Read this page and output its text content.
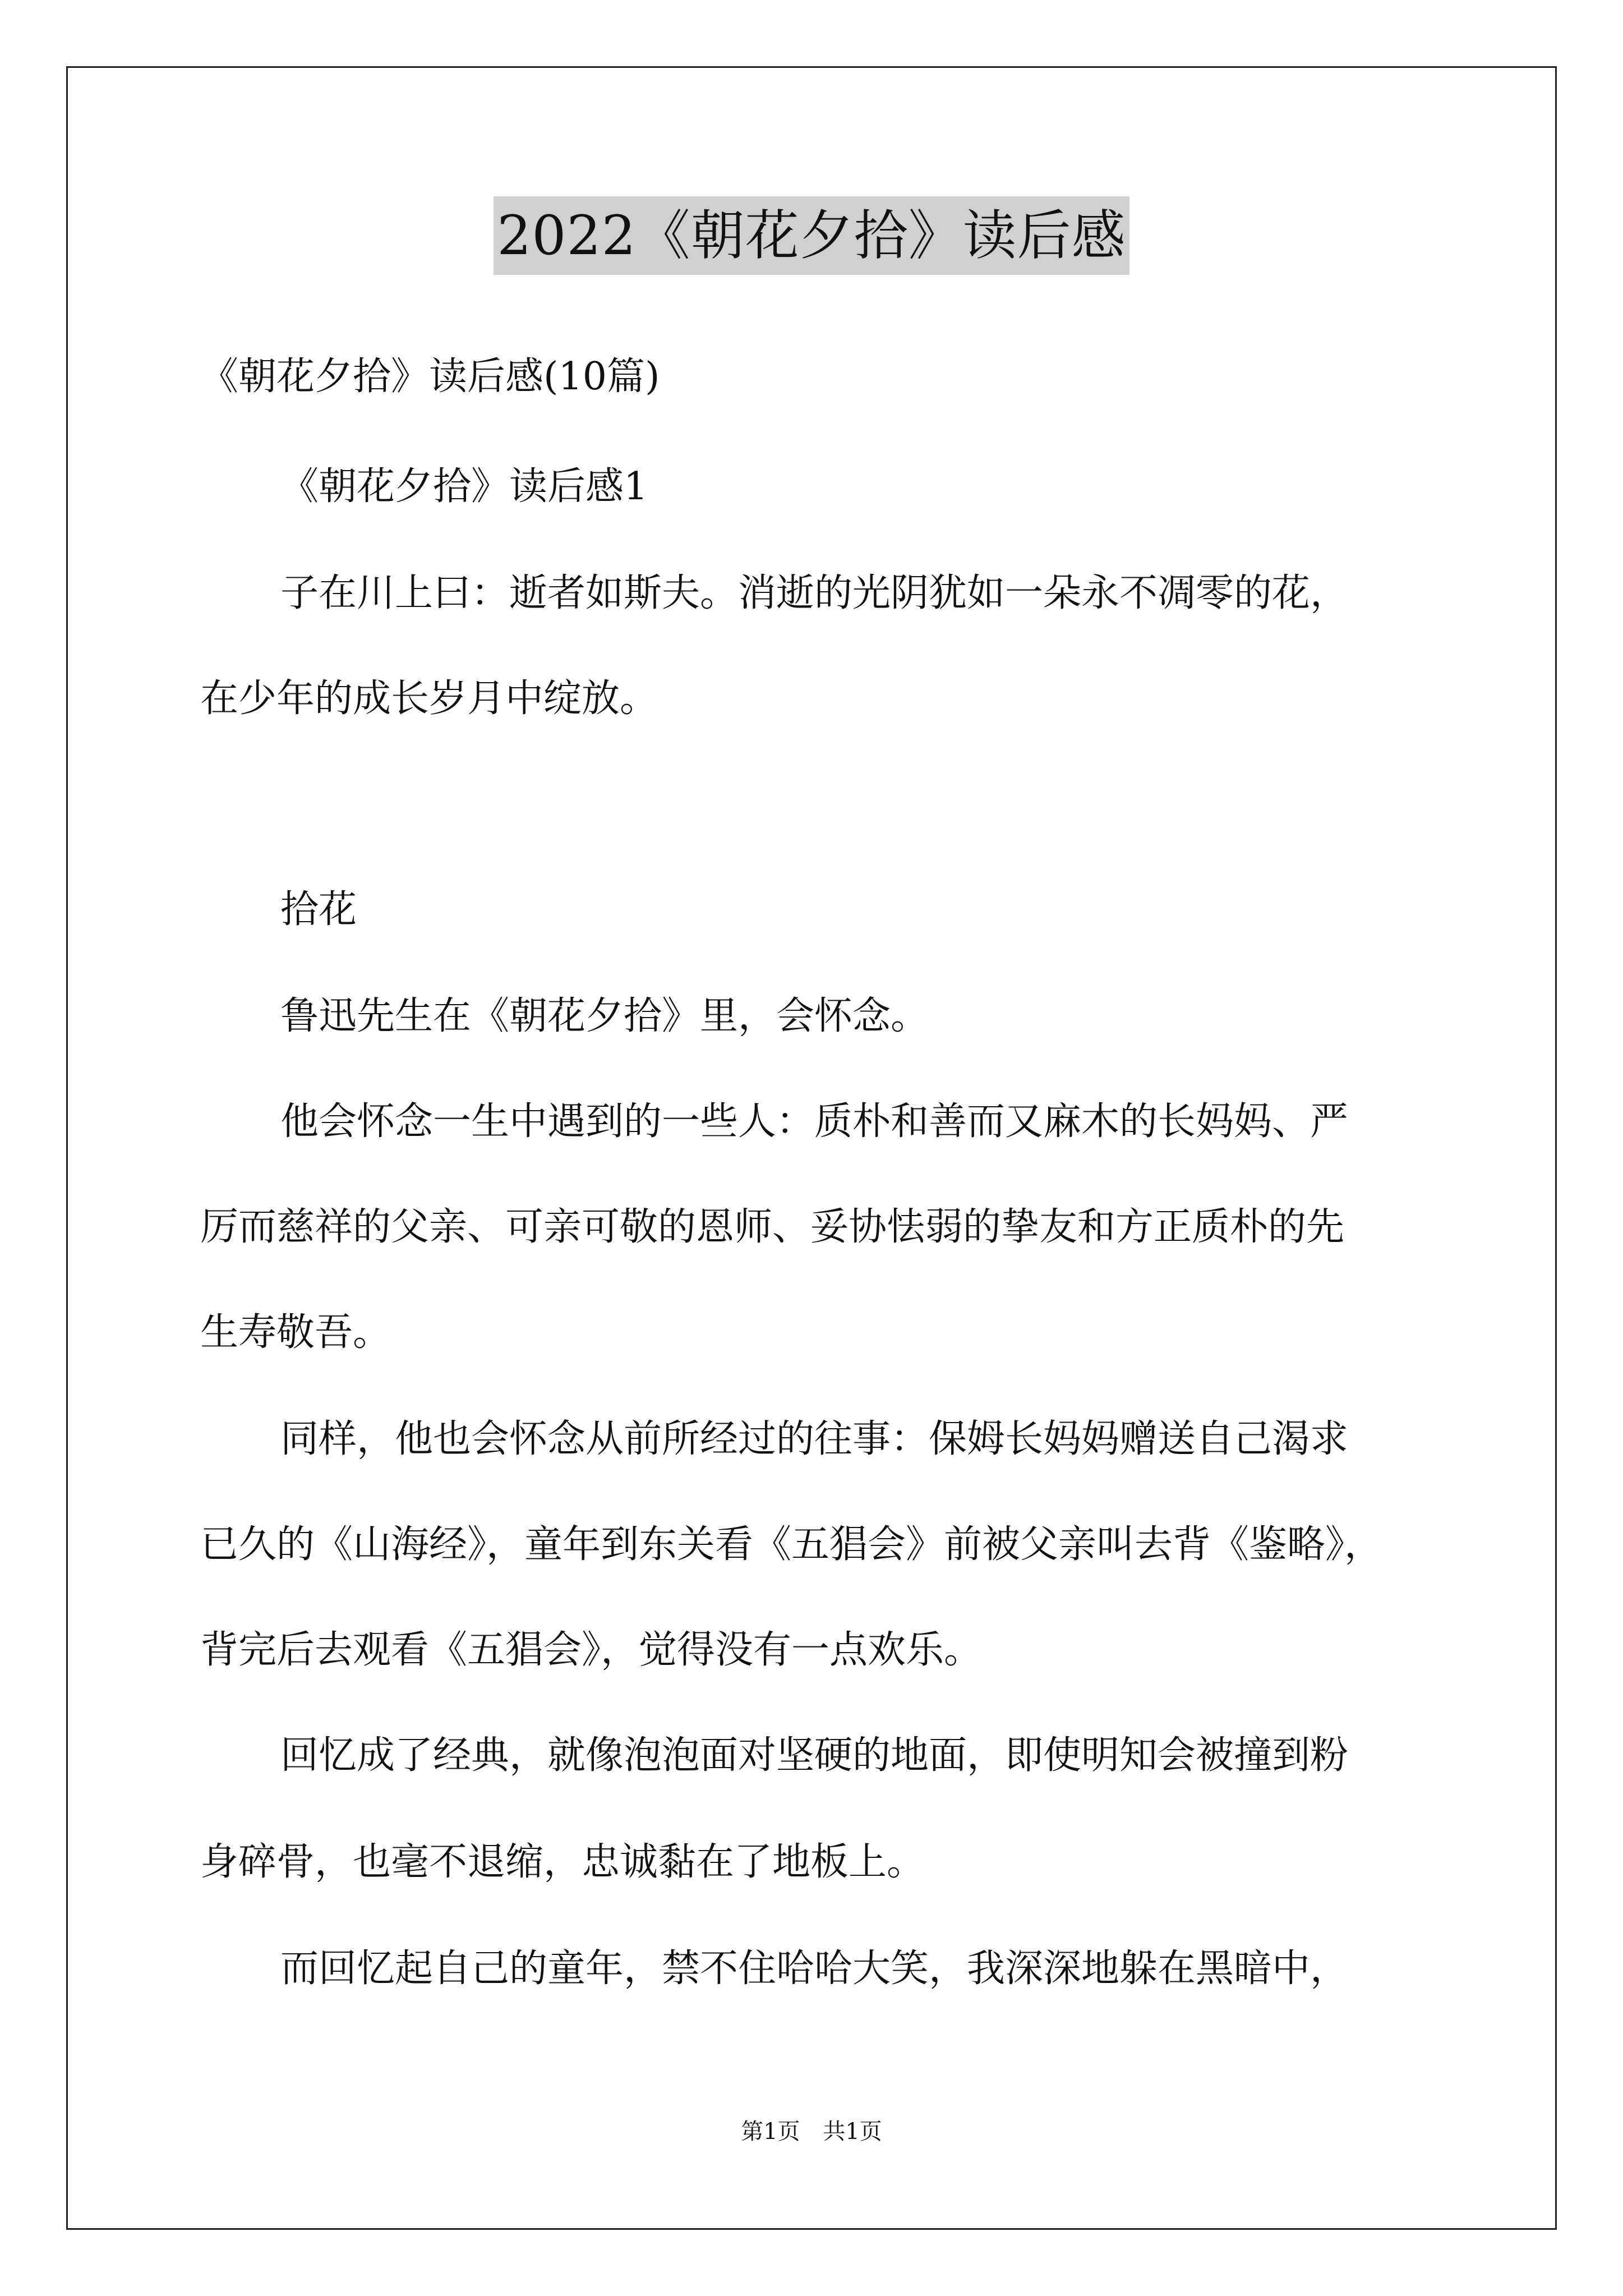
2022《朝花夕拾》读后感
《朝花夕拾》读后感(10篇)
《朝花夕拾》读后感1
子在川上曰：逝者如斯夫。消逝的光阴犹如一朵永不凋零的花，
在少年的成长岁月中绽放。
拾花
鲁迅先生在《朝花夕拾》里，会怀念。
他会怀念一生中遇到的一些人：质朴和善而又麻木的长妈妈、严
厉而慈祥的父亲、可亲可敬的恩师、妥协怯弱的挚友和方正质朴的先
生寿敬吾。
同样，他也会怀念从前所经过的往事：保姆长妈妈赠送自己渴求
已久的《山海经》，童年到东关看《五猖会》前被父亲叫去背《鉴略》，
背完后去观看《五猖会》，觉得没有一点欢乐。
回忆成了经典，就像泡泡面对坚硬的地面，即使明知会被撞到粉
身碎骨，也毫不退缩，忠诚黏在了地板上。
而回忆起自己的童年，禁不住哈哈大笑，我深深地躲在黑暗中，
第1页 共1页
